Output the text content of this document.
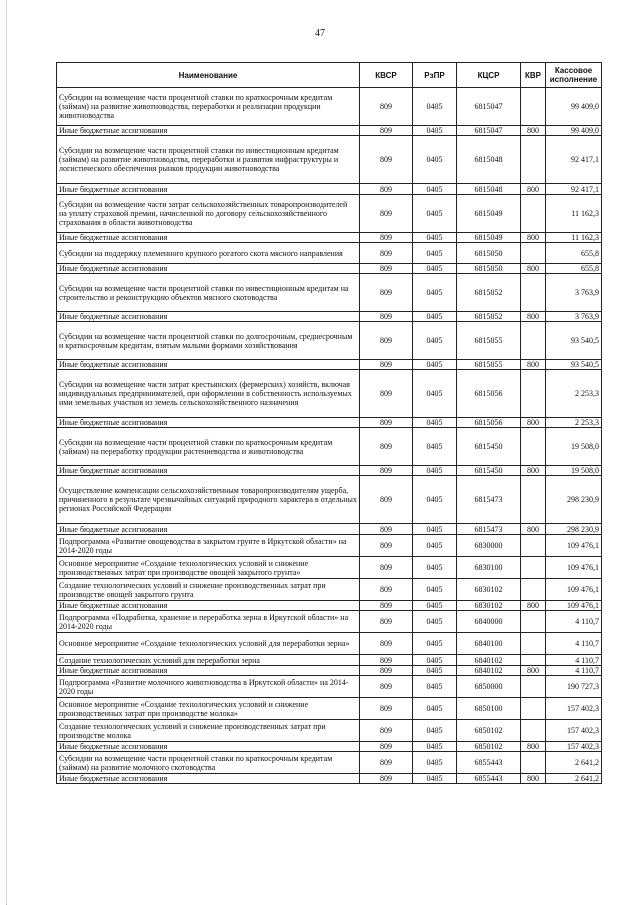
47
Наименование	КВСР	РзПР	КЦСР	КВР	Кассовое исполнение
Субсидии на возмещение части процентной ставки по краткосрочным кредитам (займам) на развитие животноводства, переработки и реализации продукции животноводства	809	0405	6815047		99 409,0
Иные бюджетные ассигнования	809	0405	6815047	800	99 409,0
Субсидии на возмещение части процентной ставки по инвестиционным кредитам (займам) на развитие животноводства, переработки и развития инфраструктуры и логистического обеспечения рынков продукции животноводства	809	0405	6815048		92 417,1
Иные бюджетные ассигнования	809	0405	6815048	800	92 417,1
Субсидии на возмещение части затрат сельскохозяйственных товаропроизводителей на уплату страховой премии, начисленной по договору сельскохозяйственного страхования в области животноводства	809	0405	6815049		11 162,3
Иные бюджетные ассигнования	809	0405	6815049	800	11 162,3
Субсидии на поддержку племенного крупного рогатого скота мясного направления	809	0405	6815050		655,8
Иные бюджетные ассигнования	809	0405	6815050	800	655,8
Субсидии на возмещение части процентной ставки по инвестиционным кредитам на строительство и реконструкцию объектов мясного скотоводства	809	0405	6815052		3 763,9
Иные бюджетные ассигнования	809	0405	6815052	800	3 763,9
Субсидии на возмещение части процентной ставки по долгосрочным, среднесрочным и краткосрочным кредитам, взятым малыми формами хозяйствования	809	0405	6815055		93 540,5
Иные бюджетные ассигнования	809	0405	6815055	800	93 540,5
Субсидии на возмещение части затрат крестьянских (фермерских) хозяйств, включая индивидуальных предпринимателей, при оформлении в собственность используемых ими земельных участков из земель сельскохозяйственного назначения	809	0405	6815056		2 253,3
Иные бюджетные ассигнования	809	0405	6815056	800	2 253,3
Субсидии на возмещение части процентной ставки по краткосрочным кредитам (займам) на переработку продукции растениеводства и животноводства	809	0405	6815450		19 508,0
Иные бюджетные ассигнования	809	0405	6815450	800	19 508,0
Осуществление компенсации сельскохозяйственным товаропроизводителям ущерба, причиненного в результате чрезвычайных ситуаций природного характера в отдельных регионах Российской Федерации	809	0405	6815473		298 230,9
Иные бюджетные ассигнования	809	0405	6815473	800	298 230,9
Подпрограмма «Развитие овощеводства в закрытом грунте в Иркутской области» на 2014-2020 годы	809	0405	6830000		109 476,1
Основное мероприятие «Создание технологических условий и снижение производственных затрат при производстве овощей закрытого грунта»	809	0405	6830100		109 476,1
Создание технологических условий и снижение производственных затрат при производстве овощей закрытого грунта	809	0405	6830102		109 476,1
Иные бюджетные ассигнования	809	0405	6830102	800	109 476,1
Подпрограмма «Подработка, хранение и переработка зерна в Иркутской области» на 2014-2020 годы	809	0405	6840000		4 110,7
Основное мероприятие «Создание технологических условий для переработки зерна»	809	0405	6840100		4 110,7
Создание технологических условий для переработки зерна	809	0405	6840102		4 110,7
Иные бюджетные ассигнования	809	0405	6840102	800	4 110,7
Подпрограмма «Развитие молочного животноводства в Иркутской области» на 2014-2020 годы	809	0405	6850000		190 727,3
Основное мероприятие «Создание технологических условий и снижение производственных затрат при производстве молока»	809	0405	6850100		157 402,3
Создание технологических условий и снижение производственных затрат при производстве молока	809	0405	6850102		157 402,3
Иные бюджетные ассигнования	809	0405	6850102	800	157 402,3
Субсидии на возмещение части процентной ставки по краткосрочным кредитам (займам) на развитие молочного скотоводства	809	0405	6855443		2 641,2
Иные бюджетные ассигнования	809	0405	6855443	800	2 641,2
